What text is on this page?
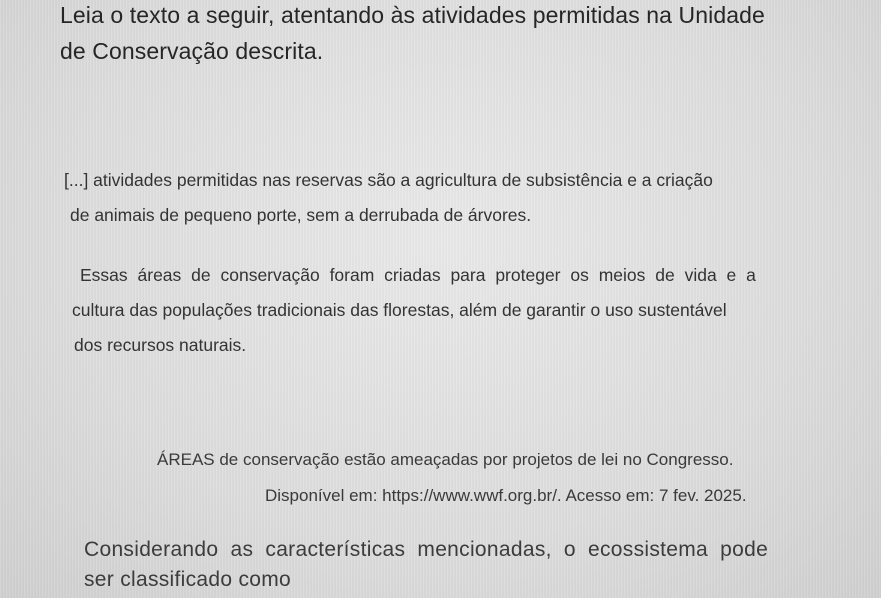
Leia o texto a seguir, atentando às atividades permitidas na Unidade

de Conservação descrita.

[...] atividades permitidas nas reservas são a agricultura de subsistência e a criação

de animais de pequeno porte, sem a derrubada de árvores.

Essas áreas de conservação foram criadas para proteger os meios de vida e a

cultura das populações tradicionais das florestas, além de garantir o uso sustentável

dos recursos naturais.

ÁREAS de conservação estão ameaçadas por projetos de lei no Congresso.

Disponível em: https://www.wwf.org.br/. Acesso em: 7 fev. 2025.

Considerando as características mencionadas, o ecossistema pode

ser classificado como
